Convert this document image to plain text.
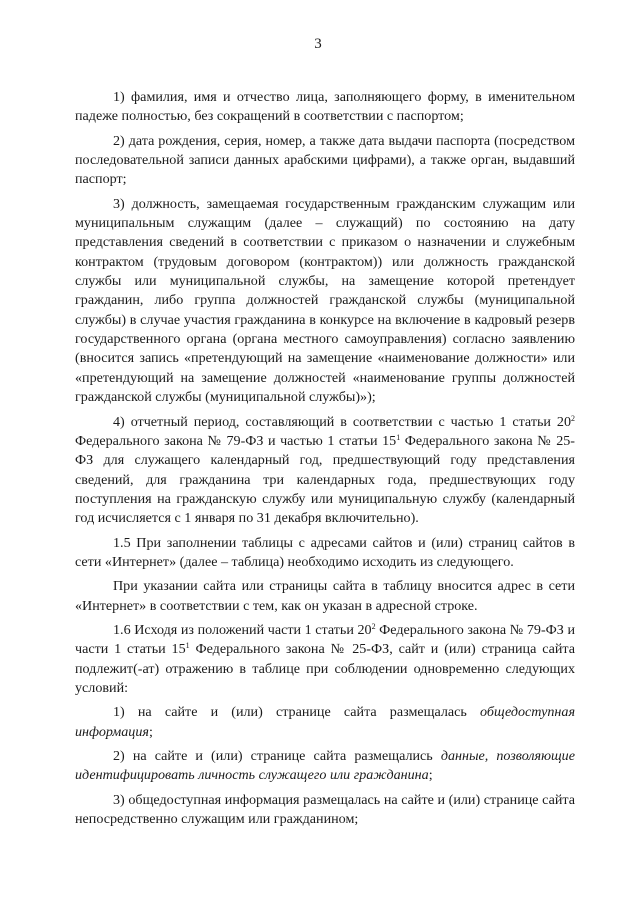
3

1) фамилия, имя и отчество лица, заполняющего форму, в именительном падеже полностью, без сокращений в соответствии с паспортом;

2) дата рождения, серия, номер, а также дата выдачи паспорта (посредством последовательной записи данных арабскими цифрами), а также орган, выдавший паспорт;

3) должность, замещаемая государственным гражданским служащим или муниципальным служащим (далее – служащий) по состоянию на дату представления сведений в соответствии с приказом о назначении и служебным контрактом (трудовым договором (контрактом)) или должность гражданской службы или муниципальной службы, на замещение которой претендует гражданин, либо группа должностей гражданской службы (муниципальной службы) в случае участия гражданина в конкурсе на включение в кадровый резерв государственного органа (органа местного самоуправления) согласно заявлению (вносится запись «претендующий на замещение «наименование должности» или «претендующий на замещение должностей «наименование группы должностей гражданской службы (муниципальной службы)»);

4) отчетный период, составляющий в соответствии с частью 1 статьи $20^2$ Федерального закона № 79-ФЗ и частью 1 статьи $15^1$ Федерального закона № 25-ФЗ для служащего календарный год, предшествующий году представления сведений, для гражданина три календарных года, предшествующих году поступления на гражданскую службу или муниципальную службу (календарный год исчисляется с 1 января по 31 декабря включительно).

1.5 При заполнении таблицы с адресами сайтов и (или) страниц сайтов в сети «Интернет» (далее – таблица) необходимо исходить из следующего.

При указании сайта или страницы сайта в таблицу вносится адрес в сети «Интернет» в соответствии с тем, как он указан в адресной строке.

1.6 Исходя из положений части 1 статьи $20^2$ Федерального закона № 79-ФЗ и части 1 статьи $15^1$ Федерального закона № 25-ФЗ, сайт и (или) страница сайта подлежит(-ат) отражению в таблице при соблюдении одновременно следующих условий:

1) на сайте и (или) странице сайта размещалась общедоступная информация;

2) на сайте и (или) странице сайта размещались данные, позволяющие идентифицировать личность служащего или гражданина;

3) общедоступная информация размещалась на сайте и (или) странице сайта непосредственно служащим или гражданином;
